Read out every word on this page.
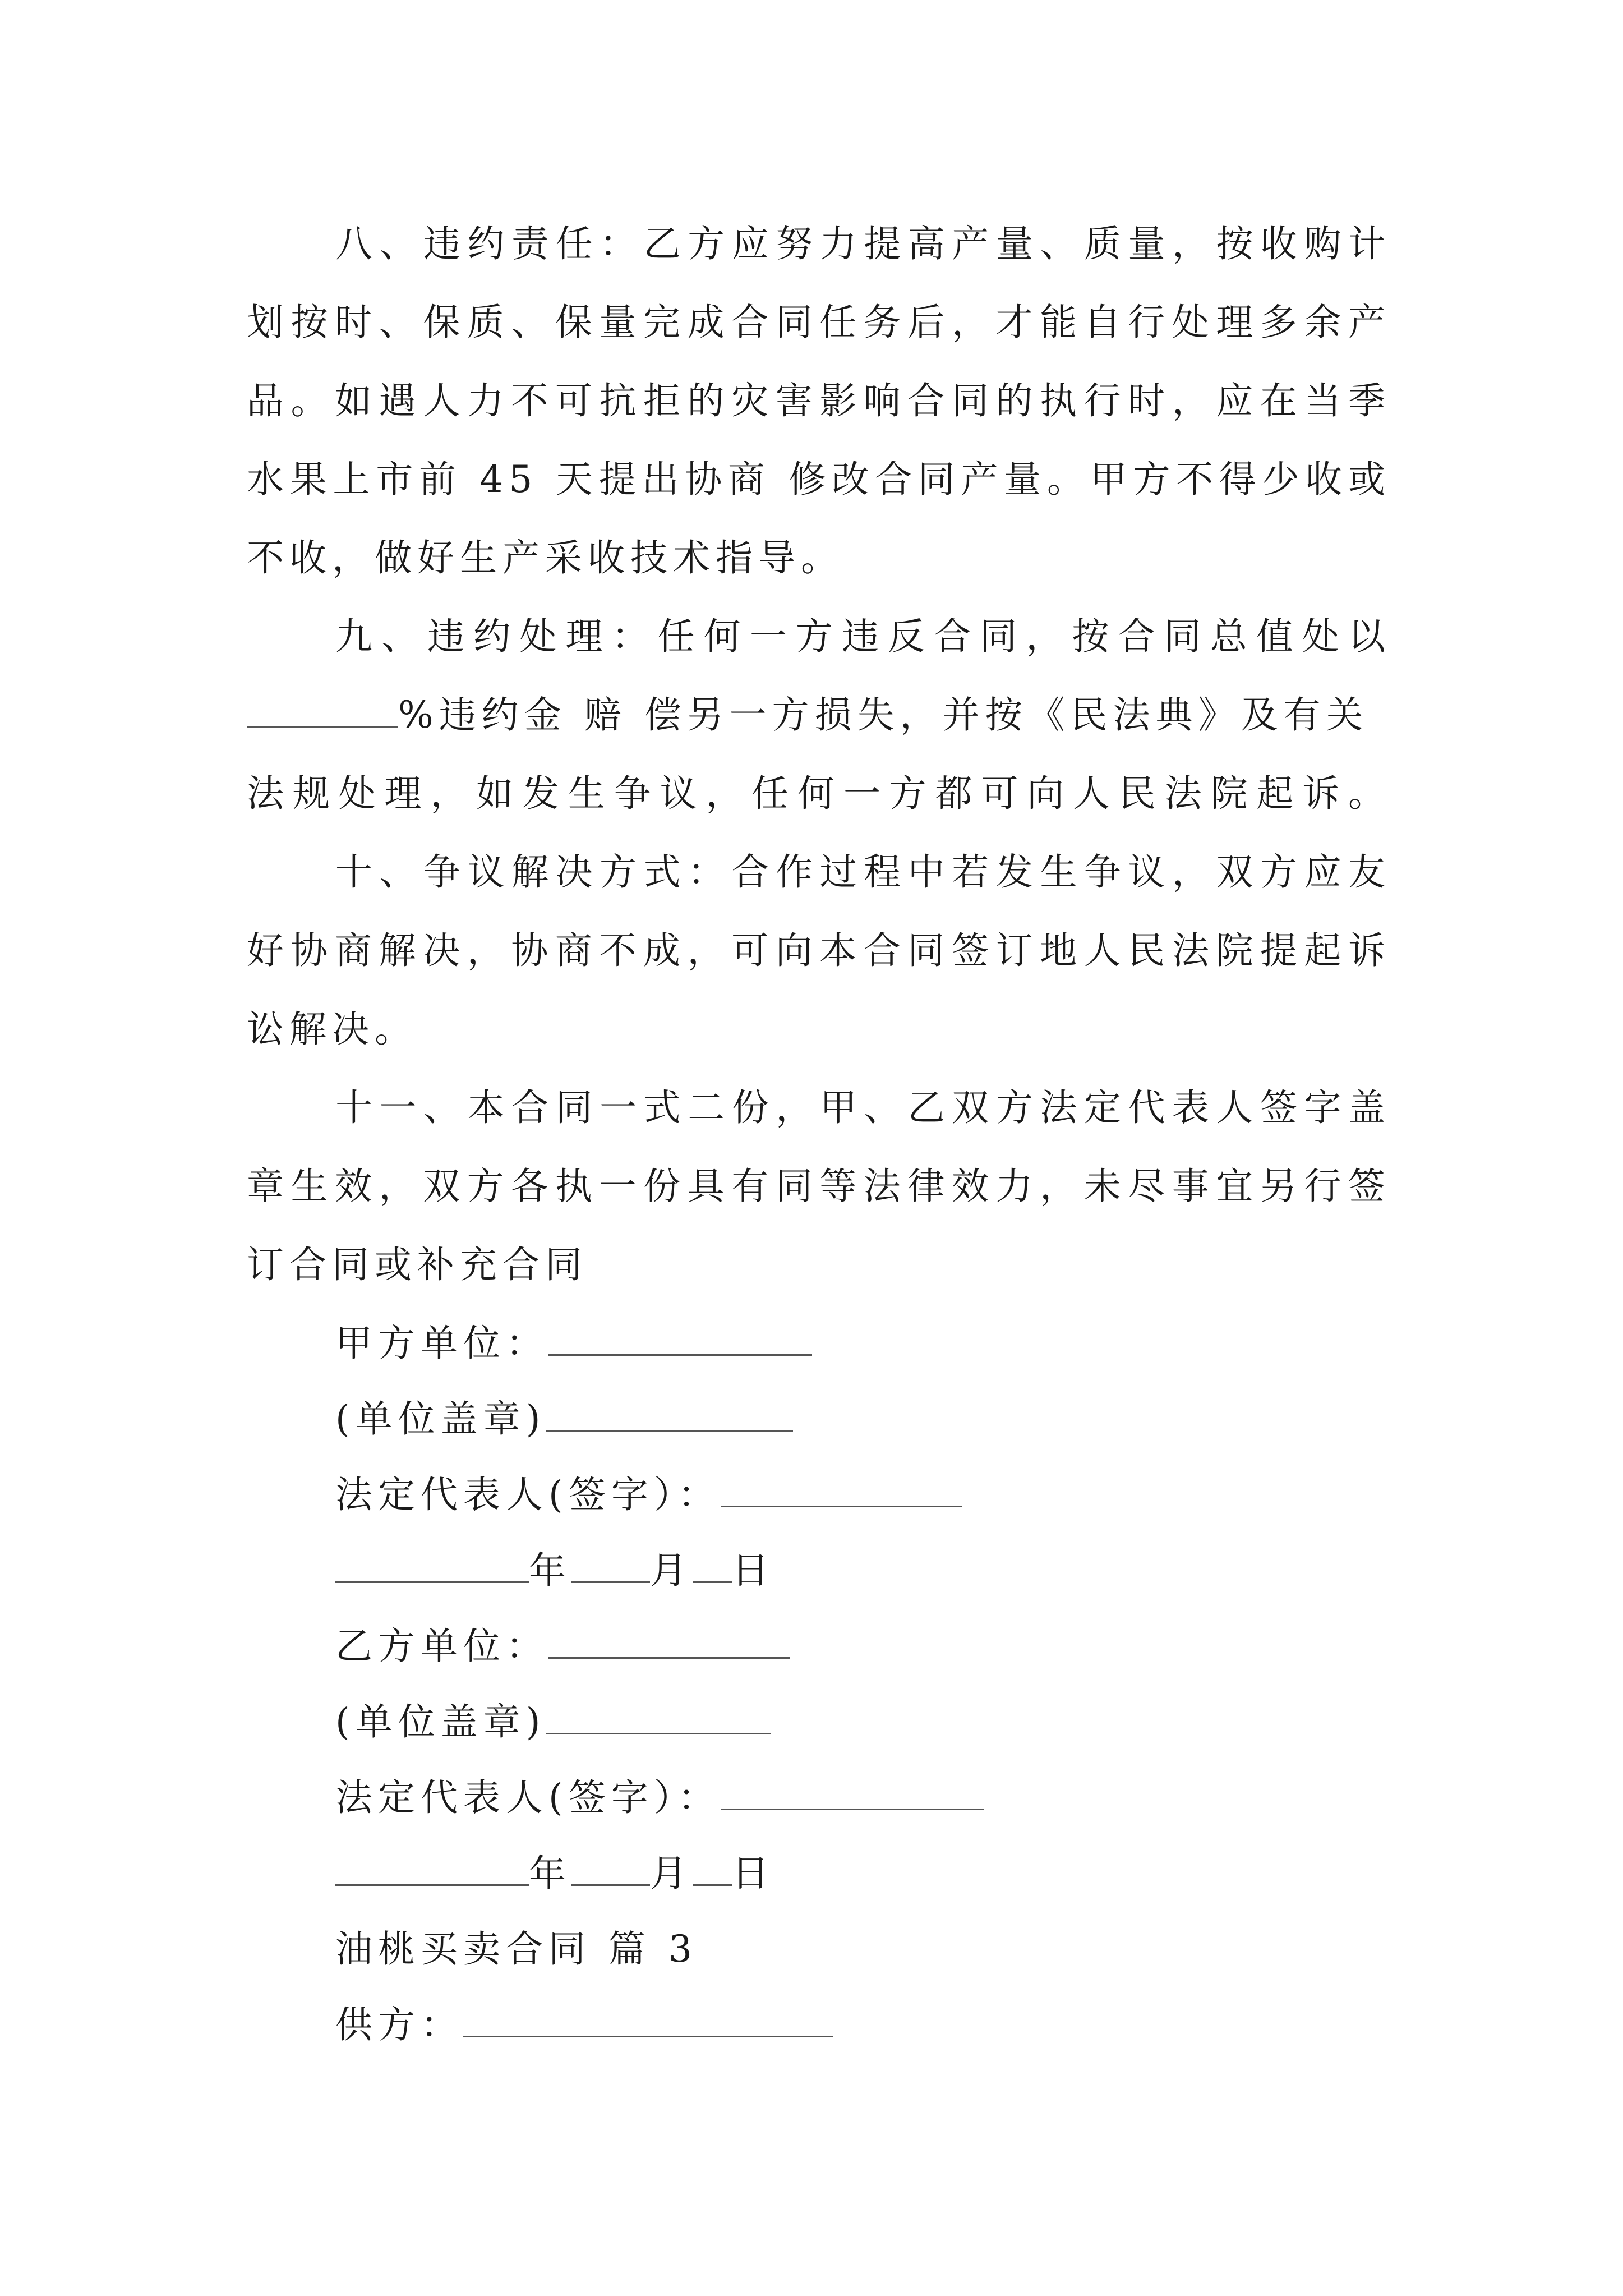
八、违约责任：乙方应努力提高产量、质量，按收购计
划按时、保质、保量完成合同任务后，才能自行处理多余产
品。如遇人力不可抗拒的灾害影响合同的执行时，应在当季
水果上市前 45 天提出协商 修改合同产量。甲方不得少收或
不收，做好生产采收技术指导。
九、违约处理：任何一方违反合同，按合同总值处以
%违约金 赔 偿另一方损失，并按《民法典》及有关
法规处理，如发生争议，任何一方都可向人民法院起诉。
十、争议解决方式：合作过程中若发生争议，双方应友
好协商解决，协商不成，可向本合同签订地人民法院提起诉
讼解决。
十一、本合同一式二份，甲、乙双方法定代表人签字盖
章生效，双方各执一份具有同等法律效力，未尽事宜另行签
订合同或补充合同
甲方单位：
(单位盖章)
法定代表人(签字）：
年 月 日
乙方单位：
(单位盖章)
法定代表人(签字）：
年 月 日
油桃买卖合同 篇 3
供方：
